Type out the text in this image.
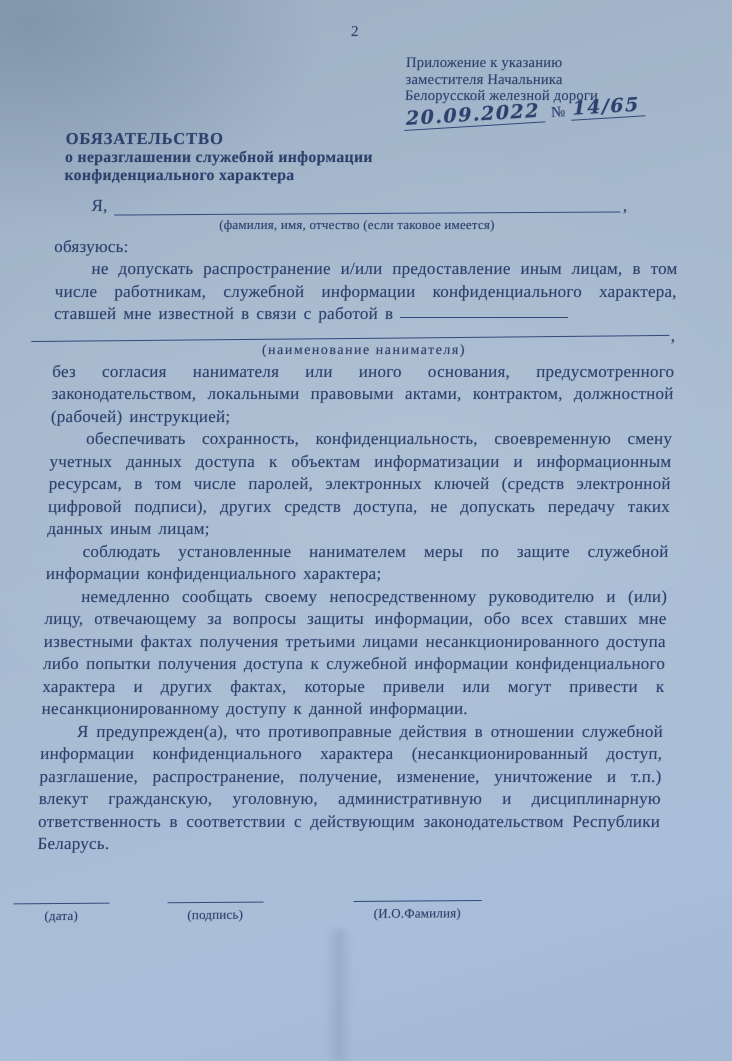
2
Приложение к указанию
заместителя Начальника
Белорусской железной дороги
20.09.2022 № 14/65
ОБЯЗАТЕЛЬСТВО
о неразглашении служебной информации
конфиденциального характера
Я,	,
(фамилия, имя, отчество (если таковое имеется)
обязуюсь:

не допускать распространение и/или предоставление иным лицам, в том числе работникам, служебной информации конфиденциального характера, ставшей мне известной в связи с работой в

,
(наименование нанимателя)

без согласия нанимателя или иного основания, предусмотренного законодательством, локальными правовыми актами, контрактом, должностной (рабочей) инструкцией;

обеспечивать сохранность, конфиденциальность, своевременную смену учетных данных доступа к объектам информатизации и информационным ресурсам, в том числе паролей, электронных ключей (средств электронной цифровой подписи), других средств доступа, не допускать передачу таких данных иным лицам;

соблюдать установленные нанимателем меры по защите служебной информации конфиденциального характера;

немедленно сообщать своему непосредственному руководителю и (или) лицу, отвечающему за вопросы защиты информации, обо всех ставших мне известными фактах получения третьими лицами несанкционированного доступа либо попытки получения доступа к служебной информации конфиденциального характера и других фактах, которые привели или могут привести к несанкционированному доступу к данной информации.

Я предупрежден(а), что противоправные действия в отношении служебной информации конфиденциального характера (несанкционированный доступ, разглашение, распространение, получение, изменение, уничтожение и т.п.) влекут гражданскую, уголовную, административную и дисциплинарную ответственность в соответствии с действующим законодательством Республики Беларусь.

(дата)	(подпись)	(И.О.Фамилия)
